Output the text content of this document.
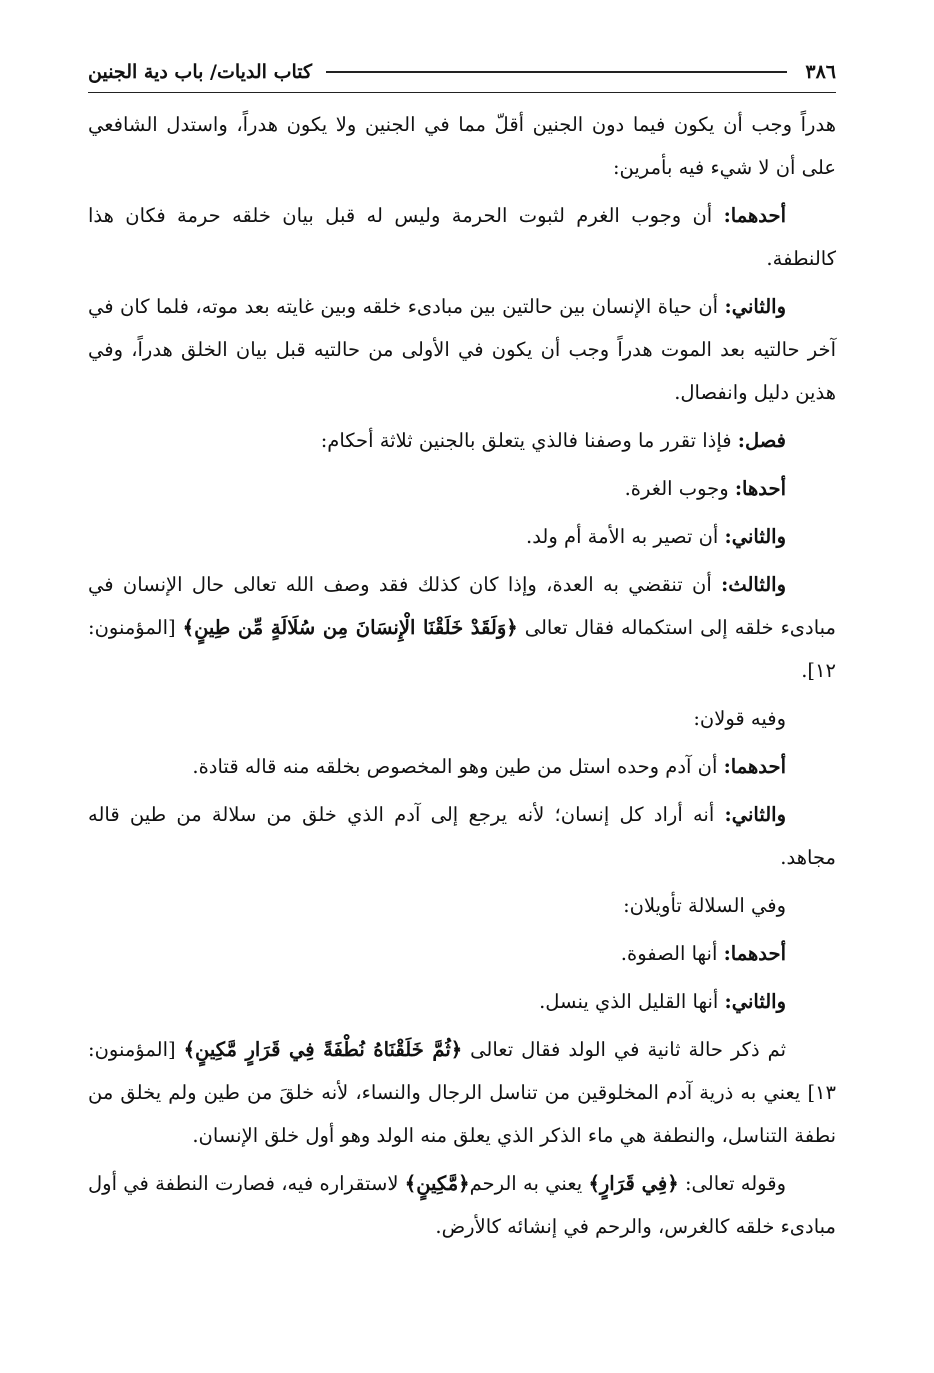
٣٨٦
كتاب الديات/ باب دية الجنين

هدراً وجب أن يكون فيما دون الجنين أقلّ مما في الجنين ولا يكون هدراً، واستدل الشافعي على أن لا شيء فيه بأمرين:

أحدهما: أن وجوب الغرم لثبوت الحرمة وليس له قبل بيان خلقه حرمة فكان هذا كالنطفة.

والثاني: أن حياة الإنسان بين حالتين بين مبادىء خلقه وبين غايته بعد موته، فلما كان في آخر حالتيه بعد الموت هدراً وجب أن يكون في الأولى من حالتيه قبل بيان الخلق هدراً، وفي هذين دليل وانفصال.

فصل: فإذا تقرر ما وصفنا فالذي يتعلق بالجنين ثلاثة أحكام:

أحدها: وجوب الغرة.

والثاني: أن تصير به الأمة أم ولد.

والثالث: أن تنقضي به العدة، وإذا كان كذلك فقد وصف الله تعالى حال الإنسان في مبادىء خلقه إلى استكماله فقال تعالى ﴿وَلَقَدْ خَلَقْنَا الْإِنسَانَ مِن سُلَالَةٍ مِّن طِينٍ﴾ [المؤمنون: ١٢].

وفيه قولان:

أحدهما: أن آدم وحده استل من طين وهو المخصوص بخلقه منه قاله قتادة.

والثاني: أنه أراد كل إنسان؛ لأنه يرجع إلى آدم الذي خلق من سلالة من طين قاله مجاهد.

وفي السلالة تأويلان:

أحدهما: أنها الصفوة.

والثاني: أنها القليل الذي ينسل.

ثم ذكر حالة ثانية في الولد فقال تعالى ﴿ثُمَّ خَلَقْنَاهُ نُطْفَةً فِي قَرَارٍ مَّكِينٍ﴾ [المؤمنون: ١٣] يعني به ذرية آدم المخلوقين من تناسل الرجال والنساء، لأنه خلقَ من طين ولم يخلق من نطفة التناسل، والنطفة هي ماء الذكر الذي يعلق منه الولد وهو أول خلق الإنسان.

وقوله تعالى: ﴿فِي قَرَارٍ﴾ يعني به الرحم﴿مَّكِينٍ﴾ لاستقراره فيه، فصارت النطفة في أول مبادىء خلقه كالغرس، والرحم في إنشائه كالأرض.
